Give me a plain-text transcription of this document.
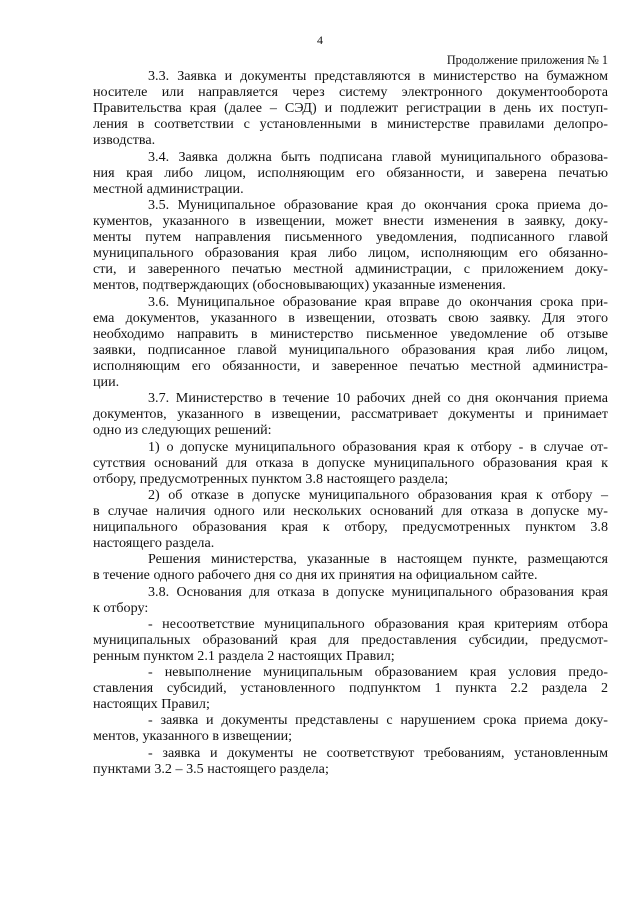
4
Продолжение приложения № 1
3.3. Заявка и документы представляются в министерство на бумажном
носителе или направляется через систему электронного документооборота
Правительства края (далее – СЭД) и подлежит регистрации в день их поступ-
ления в соответствии с установленными в министерстве правилами делопро-
изводства.
3.4. Заявка должна быть подписана главой муниципального образова-
ния края либо лицом, исполняющим его обязанности, и заверена печатью
местной администрации.
3.5. Муниципальное образование края до окончания срока приема до-
кументов, указанного в извещении, может внести изменения в заявку, доку-
менты путем направления письменного уведомления, подписанного главой
муниципального образования края либо лицом, исполняющим его обязанно-
сти, и заверенного печатью местной администрации, с приложением доку-
ментов, подтверждающих (обосновывающих) указанные изменения.
3.6. Муниципальное образование края вправе до окончания срока при-
ема документов, указанного в извещении, отозвать свою заявку. Для этого
необходимо направить в министерство письменное уведомление об отзыве
заявки, подписанное главой муниципального образования края либо лицом,
исполняющим его обязанности, и заверенное печатью местной администра-
ции.
3.7. Министерство в течение 10 рабочих дней со дня окончания приема
документов, указанного в извещении, рассматривает документы и принимает
одно из следующих решений:
1) о допуске муниципального образования края к отбору - в случае от-
сутствия оснований для отказа в допуске муниципального образования края к
отбору, предусмотренных пунктом 3.8 настоящего раздела;
2) об отказе в допуске муниципального образования края к отбору –
в случае наличия одного или нескольких оснований для отказа в допуске му-
ниципального образования края к отбору, предусмотренных пунктом 3.8
настоящего раздела.
Решения министерства, указанные в настоящем пункте, размещаются
в течение одного рабочего дня со дня их принятия на официальном сайте.
3.8. Основания для отказа в допуске муниципального образования края
к отбору:
- несоответствие муниципального образования края критериям отбора
муниципальных образований края для предоставления субсидии, предусмот-
ренным пунктом 2.1 раздела 2 настоящих Правил;
- невыполнение муниципальным образованием края условия предо-
ставления субсидий, установленного подпунктом 1 пункта 2.2 раздела 2
настоящих Правил;
- заявка и документы представлены с нарушением срока приема доку-
ментов, указанного в извещении;
- заявка и документы не соответствуют требованиям, установленным
пунктами 3.2 – 3.5 настоящего раздела;
